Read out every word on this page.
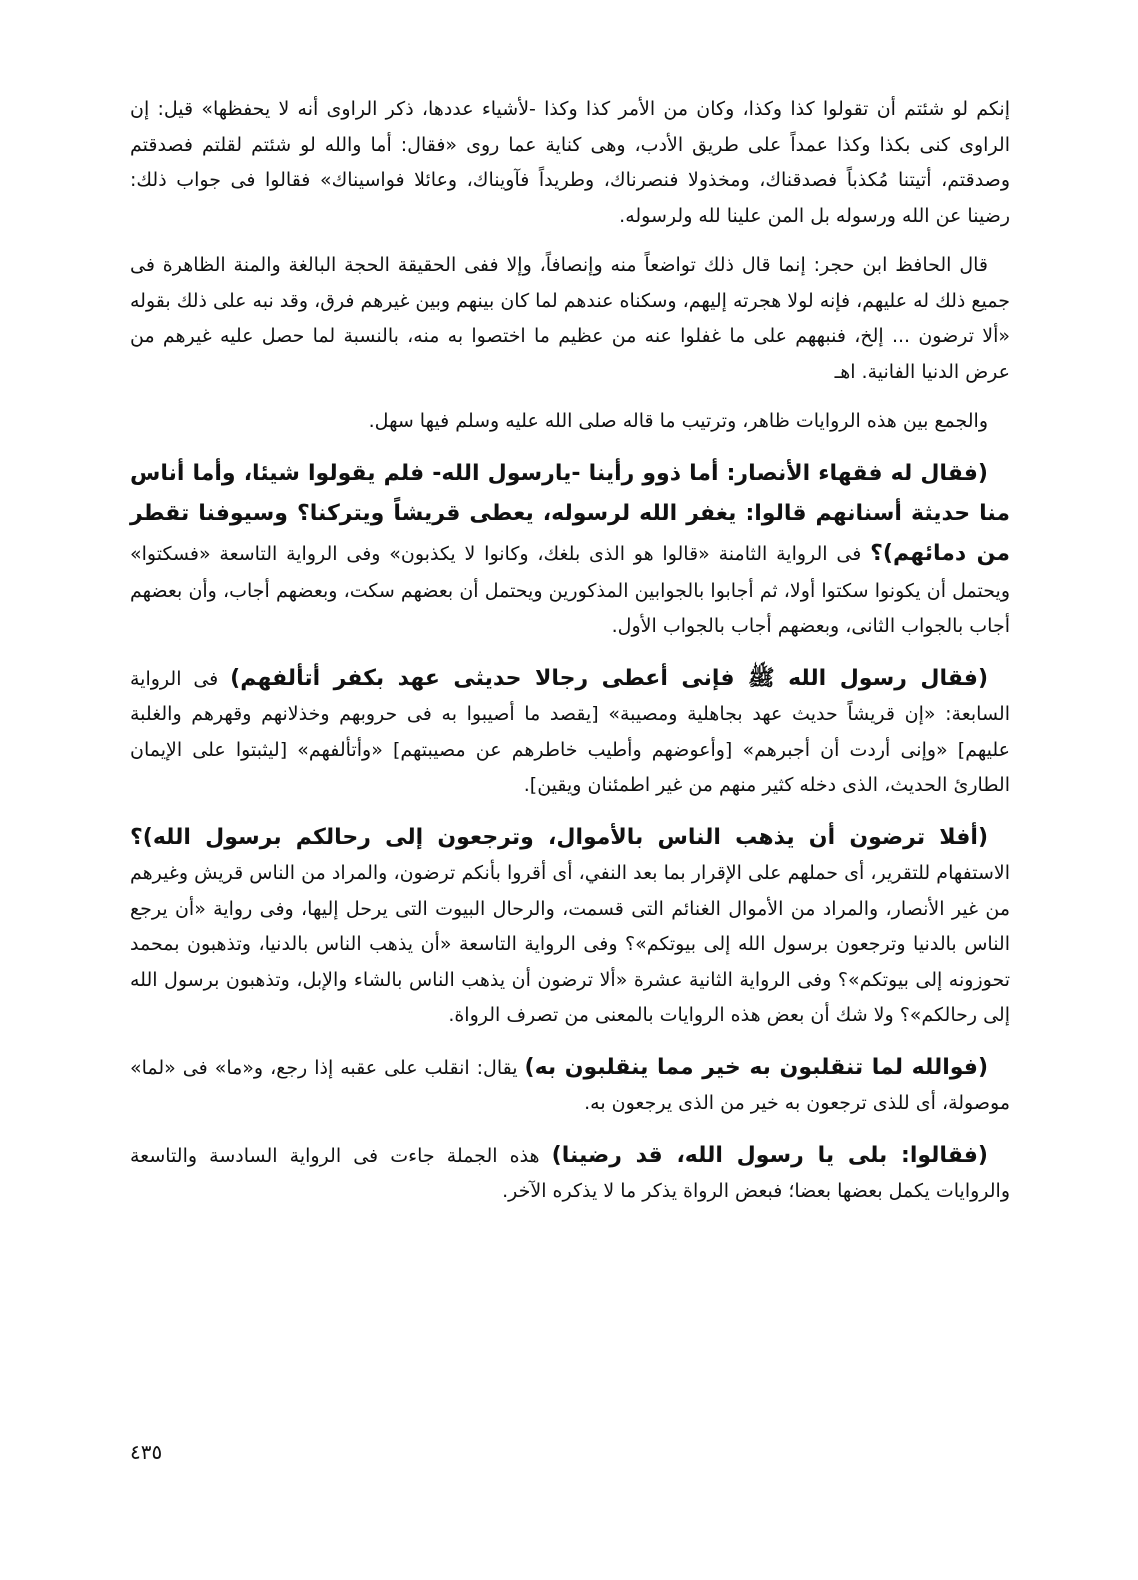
إنكم لو شئتم أن تقولوا كذا وكذا، وكان من الأمر كذا وكذا -لأشياء عددها، ذكر الراوى أنه لا يحفظها» قيل: إن الراوى كنى بكذا وكذا عمداً على طريق الأدب، وهى كناية عما روى «فقال: أما والله لو شئتم لقلتم فصدقتم وصدقتم، أتيتنا مُكذباً فصدقناك، ومخذولا فنصرناك، وطريداً فآويناك، وعائلا فواسيناك» فقالوا فى جواب ذلك: رضينا عن الله ورسوله بل المن علينا لله ولرسوله.

قال الحافظ ابن حجر: إنما قال ذلك تواضعاً منه وإنصافاً، وإلا ففى الحقيقة الحجة البالغة والمنة الظاهرة فى جميع ذلك له عليهم، فإنه لولا هجرته إليهم، وسكناه عندهم لما كان بينهم وبين غيرهم فرق، وقد نبه على ذلك بقوله «ألا ترضون ... إلخ، فنبههم على ما غفلوا عنه من عظيم ما اختصوا به منه، بالنسبة لما حصل عليه غيرهم من عرض الدنيا الفانية. اهـ

والجمع بين هذه الروايات ظاهر، وترتيب ما قاله صلى الله عليه وسلم فيها سهل.

(فقال له فقهاء الأنصار: أما ذوو رأينا -يارسول الله- فلم يقولوا شيئا، وأما أناس منا حديثة أسنانهم قالوا: يغفر الله لرسوله، يعطى قريشاً ويتركنا؟ وسيوفنا تقطر من دمائهم)؟ فى الرواية الثامنة «قالوا هو الذى بلغك، وكانوا لا يكذبون» وفى الرواية التاسعة «فسكتوا» ويحتمل أن يكونوا سكتوا أولا، ثم أجابوا بالجوابين المذكورين ويحتمل أن بعضهم سكت، وبعضهم أجاب، وأن بعضهم أجاب بالجواب الثانى، وبعضهم أجاب بالجواب الأول.

(فقال رسول الله ﷺ فإنى أعطى رجالا حديثى عهد بكفر أتألفهم) فى الرواية السابعة: «إن قريشاً حديث عهد بجاهلية ومصيبة» [يقصد ما أصيبوا به فى حروبهم وخذلانهم وقهرهم والغلبة عليهم] «وإنى أردت أن أجبرهم» [وأعوضهم وأطيب خاطرهم عن مصيبتهم] «وأتألفهم» [ليثبتوا على الإيمان الطارئ الحديث، الذى دخله كثير منهم من غير اطمئنان ويقين].

(أفلا ترضون أن يذهب الناس بالأموال، وترجعون إلى رحالكم برسول الله)؟ الاستفهام للتقرير، أى حملهم على الإقرار بما بعد النفي، أى أقروا بأنكم ترضون، والمراد من الناس قريش وغيرهم من غير الأنصار، والمراد من الأموال الغنائم التى قسمت، والرحال البيوت التى يرحل إليها، وفى رواية «أن يرجع الناس بالدنيا وترجعون برسول الله إلى بيوتكم»؟ وفى الرواية التاسعة «أن يذهب الناس بالدنيا، وتذهبون بمحمد تحوزونه إلى بيوتكم»؟ وفى الرواية الثانية عشرة «ألا ترضون أن يذهب الناس بالشاء والإبل، وتذهبون برسول الله إلى رحالكم»؟ ولا شك أن بعض هذه الروايات بالمعنى من تصرف الرواة.

(فوالله لما تنقلبون به خير مما ينقلبون به) يقال: انقلب على عقبه إذا رجع، و«ما» فى «لما» موصولة، أى للذى ترجعون به خير من الذى يرجعون به.

(فقالوا: بلى يا رسول الله، قد رضينا) هذه الجملة جاءت فى الرواية السادسة والتاسعة والروايات يكمل بعضها بعضا؛ فبعض الرواة يذكر ما لا يذكره الآخر.

٤٣٥
